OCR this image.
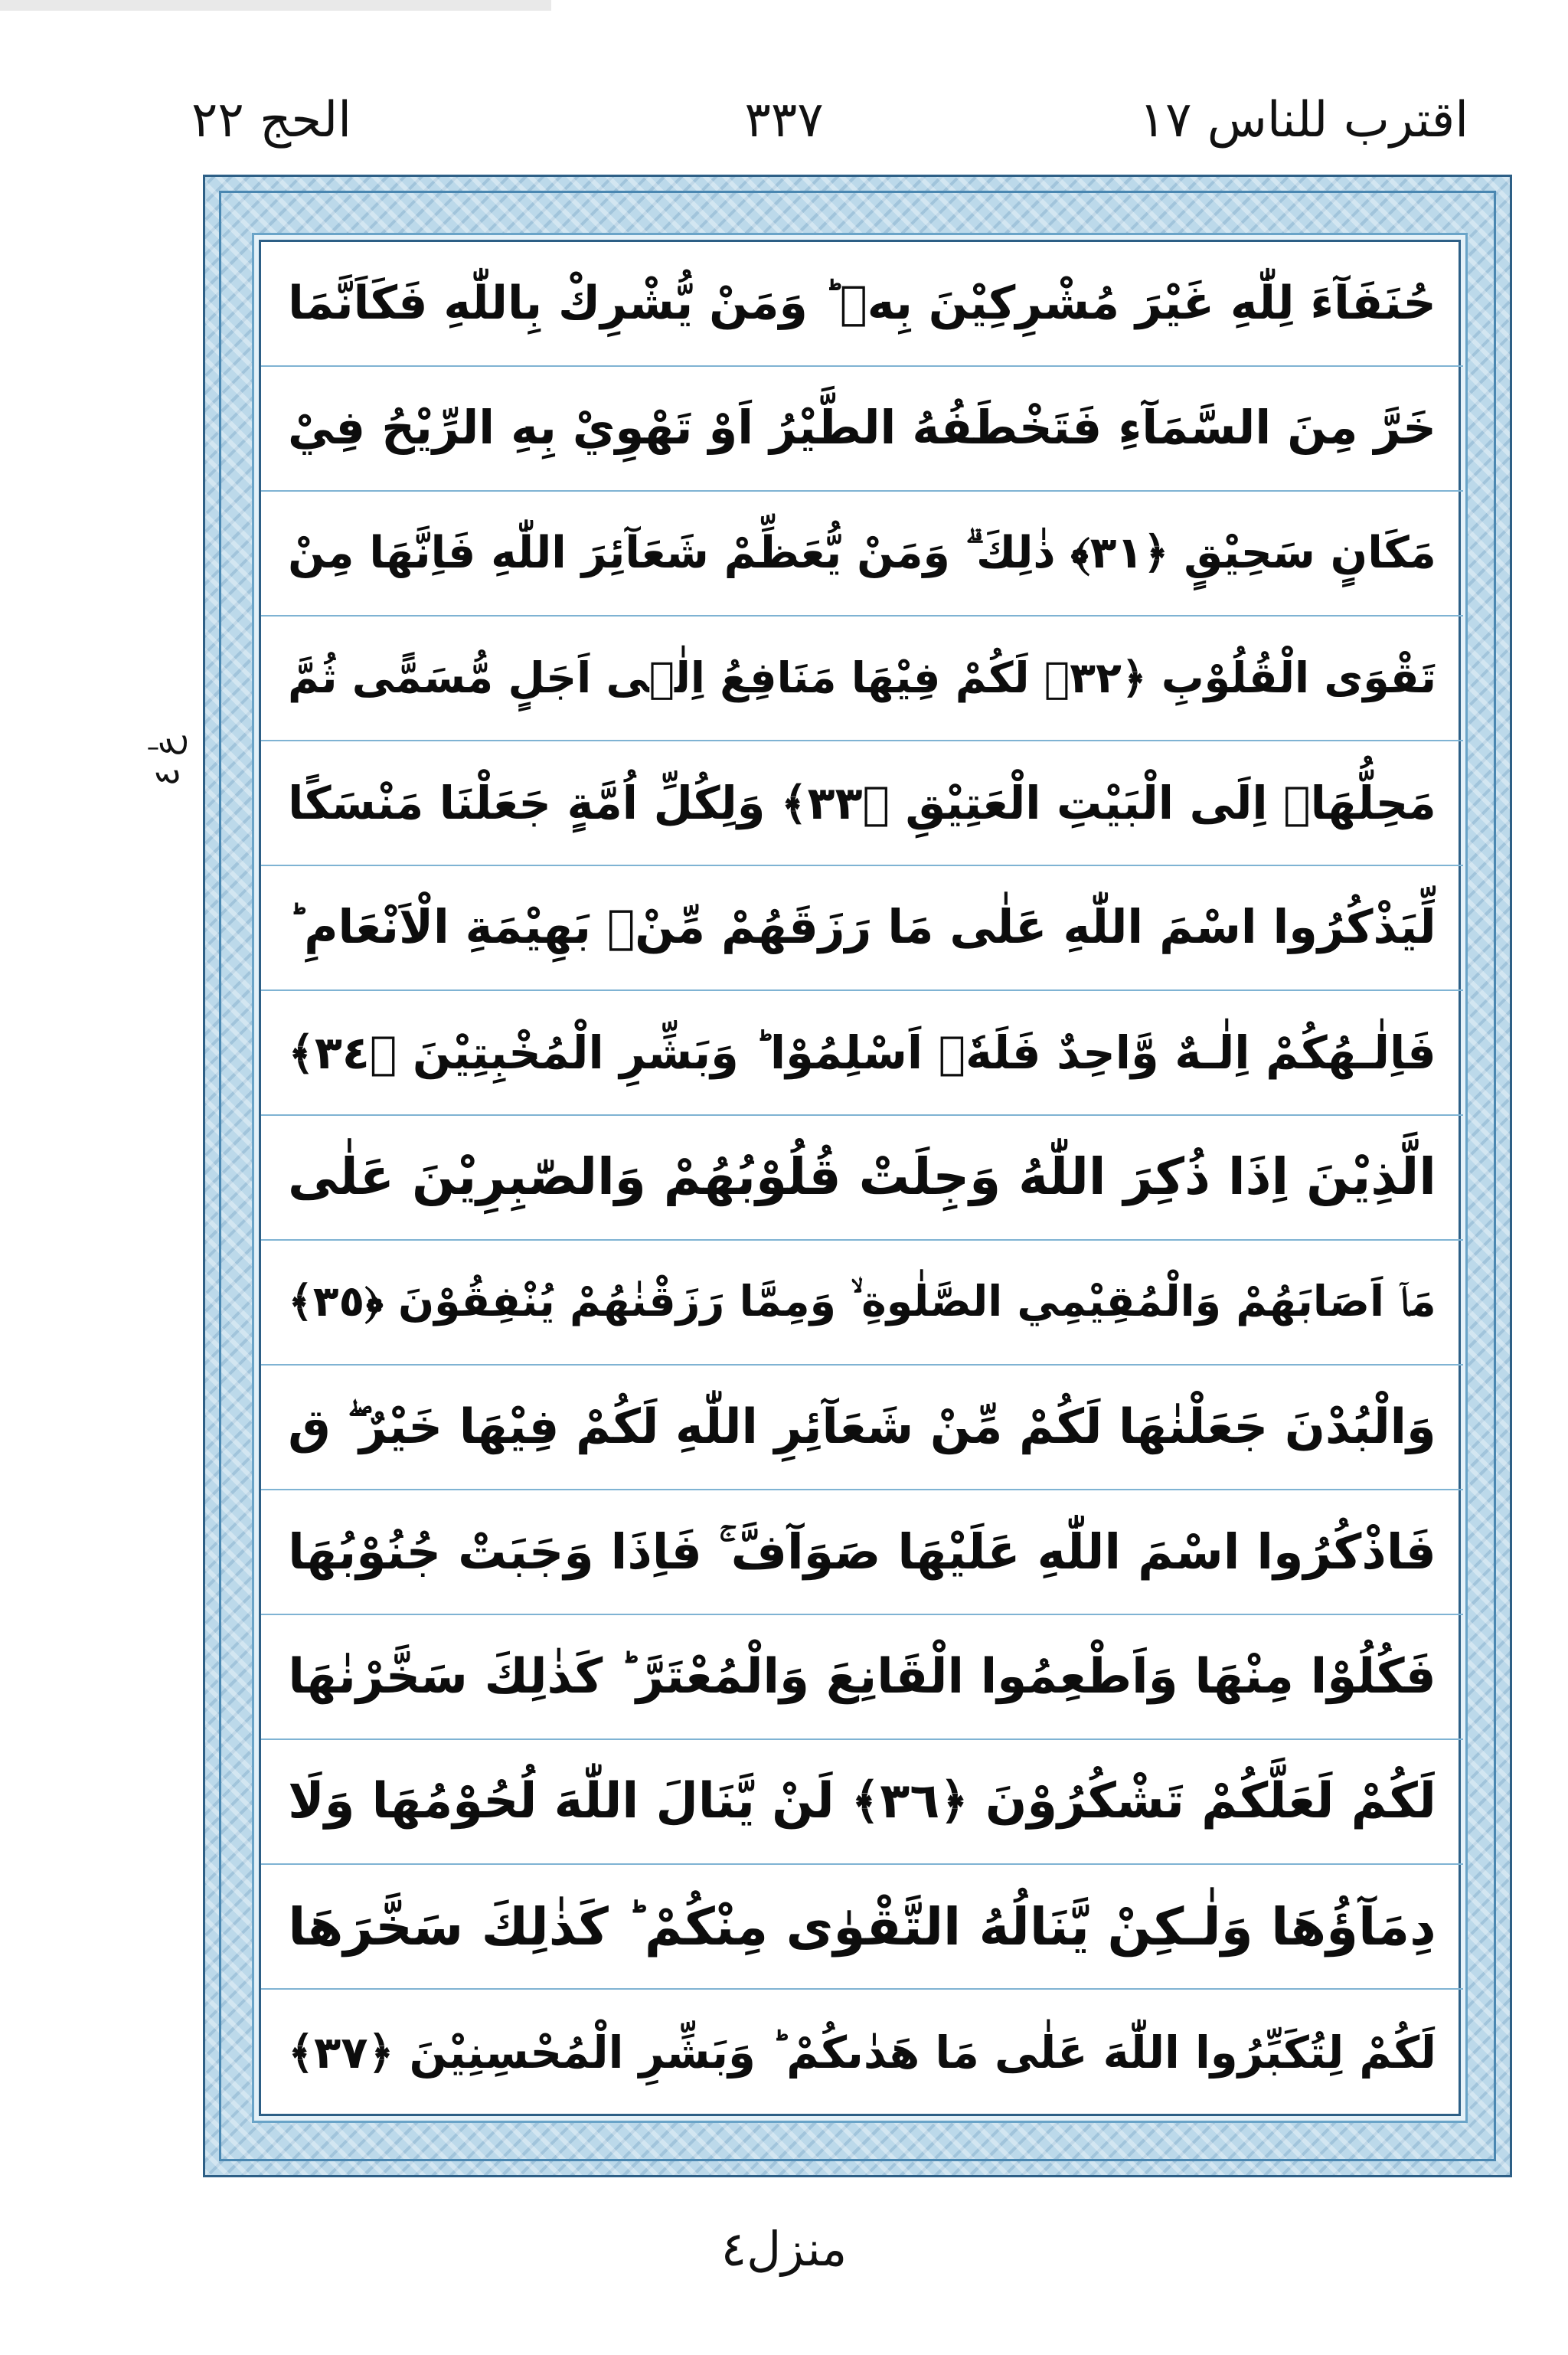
اقترب للناس ١٧
٣٣٧
الحج ٢٢
عٰ ٤
حُنَفَآءَ لِلّٰهِ غَيْرَ مُشْرِكِيْنَ بِهٖ ؕ وَمَنْ يُّشْرِكْ بِاللّٰهِ فَكَاَنَّمَا
خَرَّ مِنَ السَّمَآءِ فَتَخْطَفُهُ الطَّيْرُ اَوْ تَهْوِيْ بِهِ الرِّيْحُ فِيْ
مَكَانٍ سَحِيْقٍ ﴿٣١﴾ ذٰلِكَ ۗ وَمَنْ يُّعَظِّمْ شَعَآئِرَ اللّٰهِ فَاِنَّهَا مِنْ
تَقْوَى الْقُلُوْبِ ﴿٣٢﴾ لَكُمْ فِيْهَا مَنَافِعُ اِلٰۤى اَجَلٍ مُّسَمًّى ثُمَّ
مَحِلُّهَاۤ اِلَى الْبَيْتِ الْعَتِيْقِ ﴿٣٣﴾ وَلِكُلِّ اُمَّةٍ جَعَلْنَا مَنْسَكًا
لِّيَذْكُرُوا اسْمَ اللّٰهِ عَلٰى مَا رَزَقَهُمْ مِّنْۢ بَهِيْمَةِ الْاَنْعَامِ ؕ
فَاِلٰـهُكُمْ اِلٰـهٌ وَّاحِدٌ فَلَهٗۤ اَسْلِمُوْا ؕ وَبَشِّرِ الْمُخْبِتِيْنَ ﴿٣٤﴾
الَّذِيْنَ اِذَا ذُكِرَ اللّٰهُ وَجِلَتْ قُلُوْبُهُمْ وَالصّٰبِرِيْنَ عَلٰى
مَاۤ اَصَابَهُمْ وَالْمُقِيْمِي الصَّلٰوةِ ۙ وَمِمَّا رَزَقْنٰهُمْ يُنْفِقُوْنَ ﴿٣٥﴾
وَالْبُدْنَ جَعَلْنٰهَا لَكُمْ مِّنْ شَعَآئِرِ اللّٰهِ لَكُمْ فِيْهَا خَيْرٌ ۖ ق
فَاذْكُرُوا اسْمَ اللّٰهِ عَلَيْهَا صَوَآفَّ ۚ فَاِذَا وَجَبَتْ جُنُوْبُهَا
فَكُلُوْا مِنْهَا وَاَطْعِمُوا الْقَانِعَ وَالْمُعْتَرَّ ؕ كَذٰلِكَ سَخَّرْنٰهَا
لَكُمْ لَعَلَّكُمْ تَشْكُرُوْنَ ﴿٣٦﴾ لَنْ يَّنَالَ اللّٰهَ لُحُوْمُهَا وَلَا
دِمَآؤُهَا وَلٰـكِنْ يَّنَالُهُ التَّقْوٰى مِنْكُمْ ؕ كَذٰلِكَ سَخَّرَهَا
لَكُمْ لِتُكَبِّرُوا اللّٰهَ عَلٰى مَا هَدٰٮكُمْ ؕ وَبَشِّرِ الْمُحْسِنِيْنَ ﴿٣٧﴾
منزل٤
